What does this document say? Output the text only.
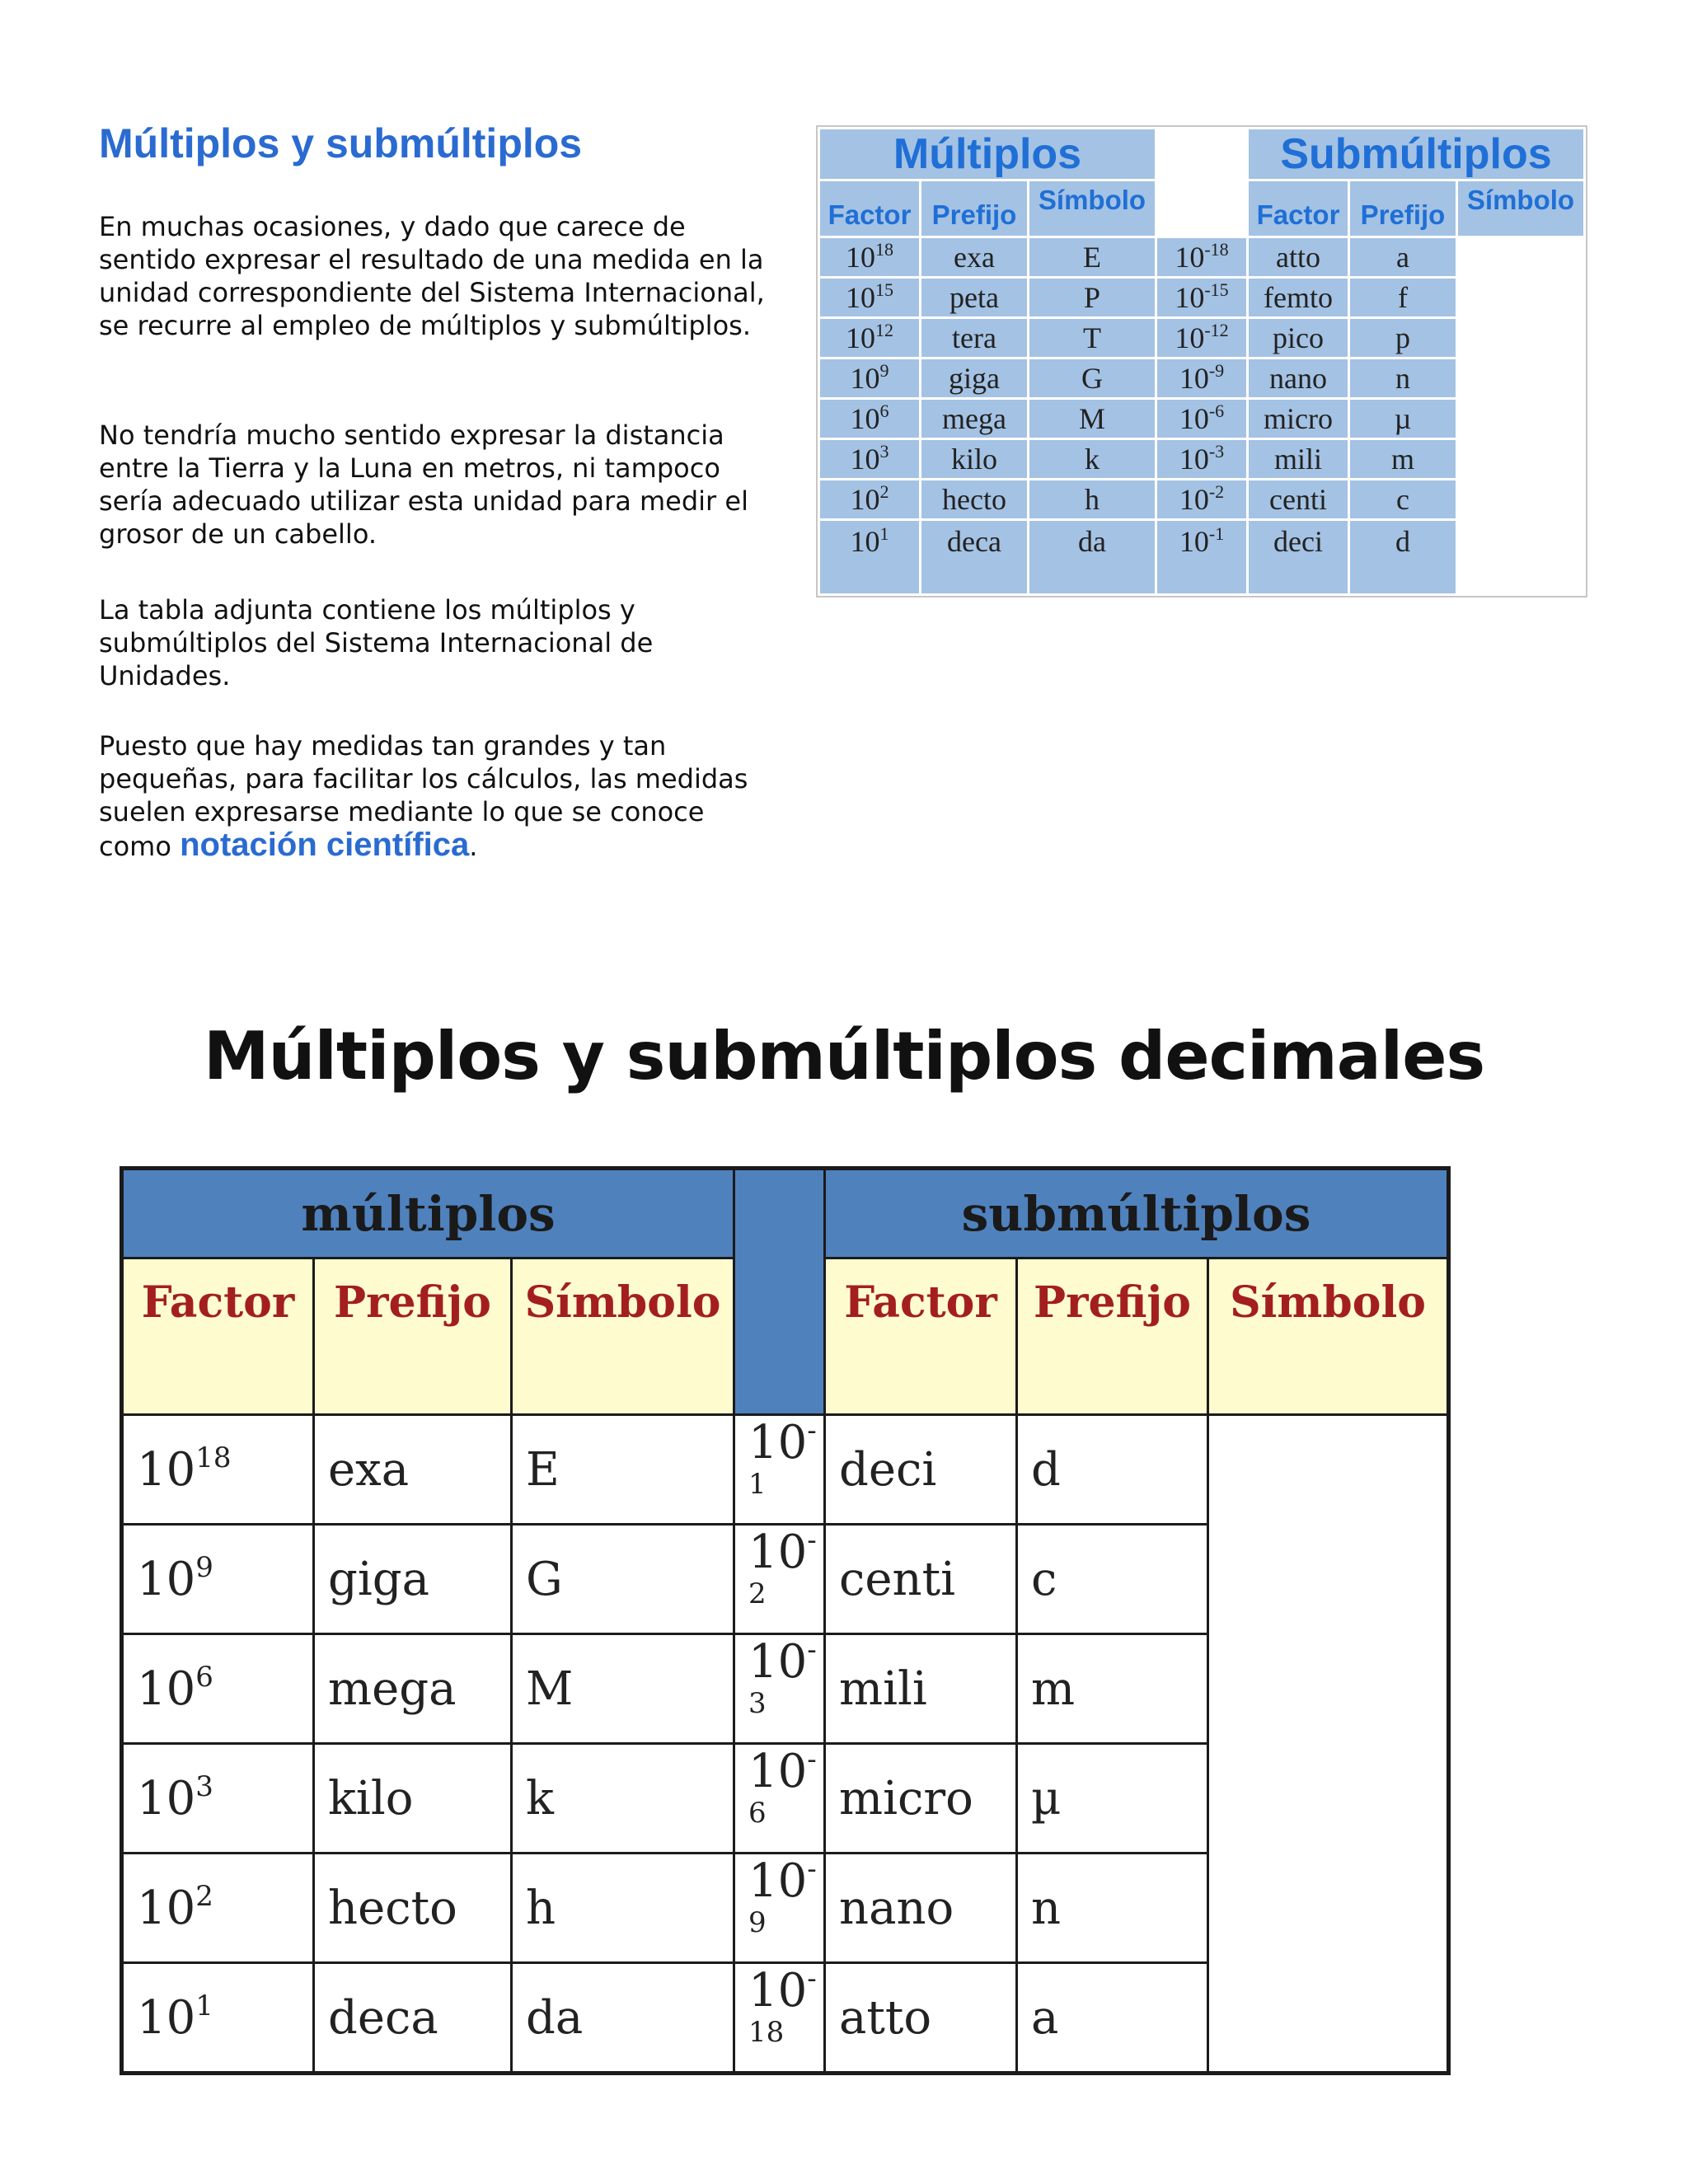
Múltiplos y submúltiplos

En muchas ocasiones, y dado que carece de sentido expresar el resultado de una medida en la unidad correspondiente del Sistema Internacional, se recurre al empleo de múltiplos y submúltiplos.

No tendría mucho sentido expresar la distancia entre la Tierra y la Luna en metros, ni tampoco sería adecuado utilizar esta unidad para medir el grosor de un cabello.

La tabla adjunta contiene los múltiplos y submúltiplos del Sistema Internacional de Unidades.

Puesto que hay medidas tan grandes y tan pequeñas, para facilitar los cálculos, las medidas suelen expresarse mediante lo que se conoce como notación científica.

Múltiplos				Submúltiplos		
Factor	Prefijo	Símbolo		Factor	Prefijo	Símbolo
$10^{18}$	exa	E	$10^{-18}$	atto	a	
$10^{15}$	peta	P	$10^{-15}$	femto	f	
$10^{12}$	tera	T	$10^{-12}$	pico	p	
$10^9$	giga	G	$10^{-9}$	nano	n	
$10^6$	mega	M	$10^{-6}$	micro	µ	
$10^3$	kilo	k	$10^{-3}$	mili	m	
$10^2$	hecto	h	$10^{-2}$	centi	c	
$10^1$	deca	da	$10^{-1}$	deci	d	
Múltiplos y submúltiplos decimales
múltiplos				submúltiplos		
Factor	Prefijo	Símbolo		Factor	Prefijo	Símbolo
$10^{18}$	exa	E	$10^{-1}$	deci	d	
$10^9$	giga	G	$10^{-2}$	centi	c	
$10^6$	mega	M	$10^{-3}$	mili	m	
$10^3$	kilo	k	$10^{-6}$	micro	µ	
$10^2$	hecto	h	$10^{-9}$	nano	n	
$10^1$	deca	da	$10^{-18}$	atto	a	
